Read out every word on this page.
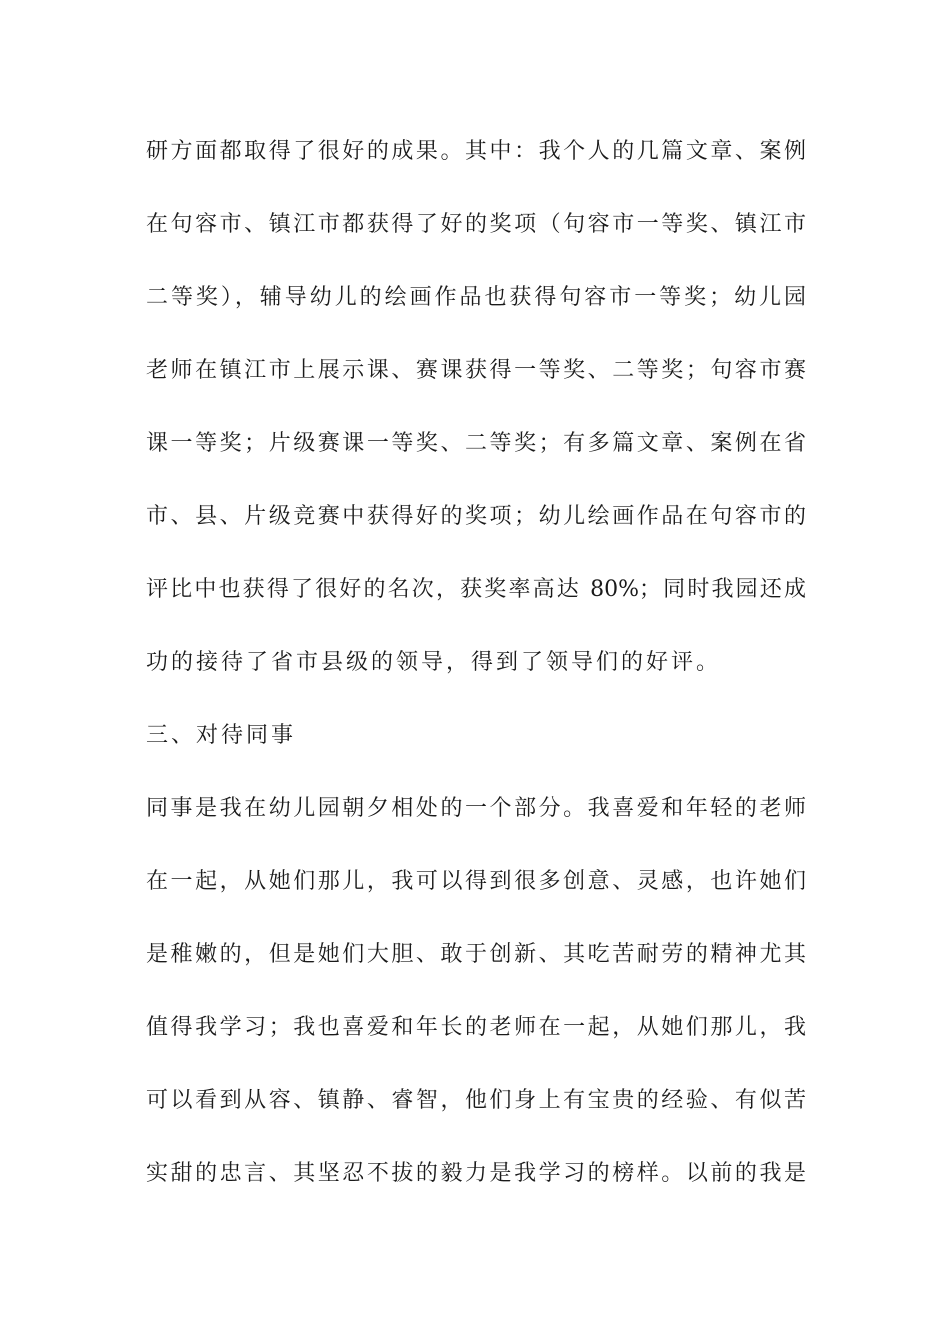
研方面都取得了很好的成果。其中：我个人的几篇文章、案例
在句容市、镇江市都获得了好的奖项（句容市一等奖、镇江市
二等奖），辅导幼儿的绘画作品也获得句容市一等奖；幼儿园
老师在镇江市上展示课、赛课获得一等奖、二等奖；句容市赛
课一等奖；片级赛课一等奖、二等奖；有多篇文章、案例在省
市、县、片级竞赛中获得好的奖项；幼儿绘画作品在句容市的
评比中也获得了很好的名次，获奖率高达 80%；同时我园还成
功的接待了省市县级的领导，得到了领导们的好评。
三、对待同事
同事是我在幼儿园朝夕相处的一个部分。我喜爱和年轻的老师
在一起，从她们那儿，我可以得到很多创意、灵感，也许她们
是稚嫩的，但是她们大胆、敢于创新、其吃苦耐劳的精神尤其
值得我学习；我也喜爱和年长的老师在一起，从她们那儿，我
可以看到从容、镇静、睿智，他们身上有宝贵的经验、有似苦
实甜的忠言、其坚忍不拔的毅力是我学习的榜样。以前的我是
